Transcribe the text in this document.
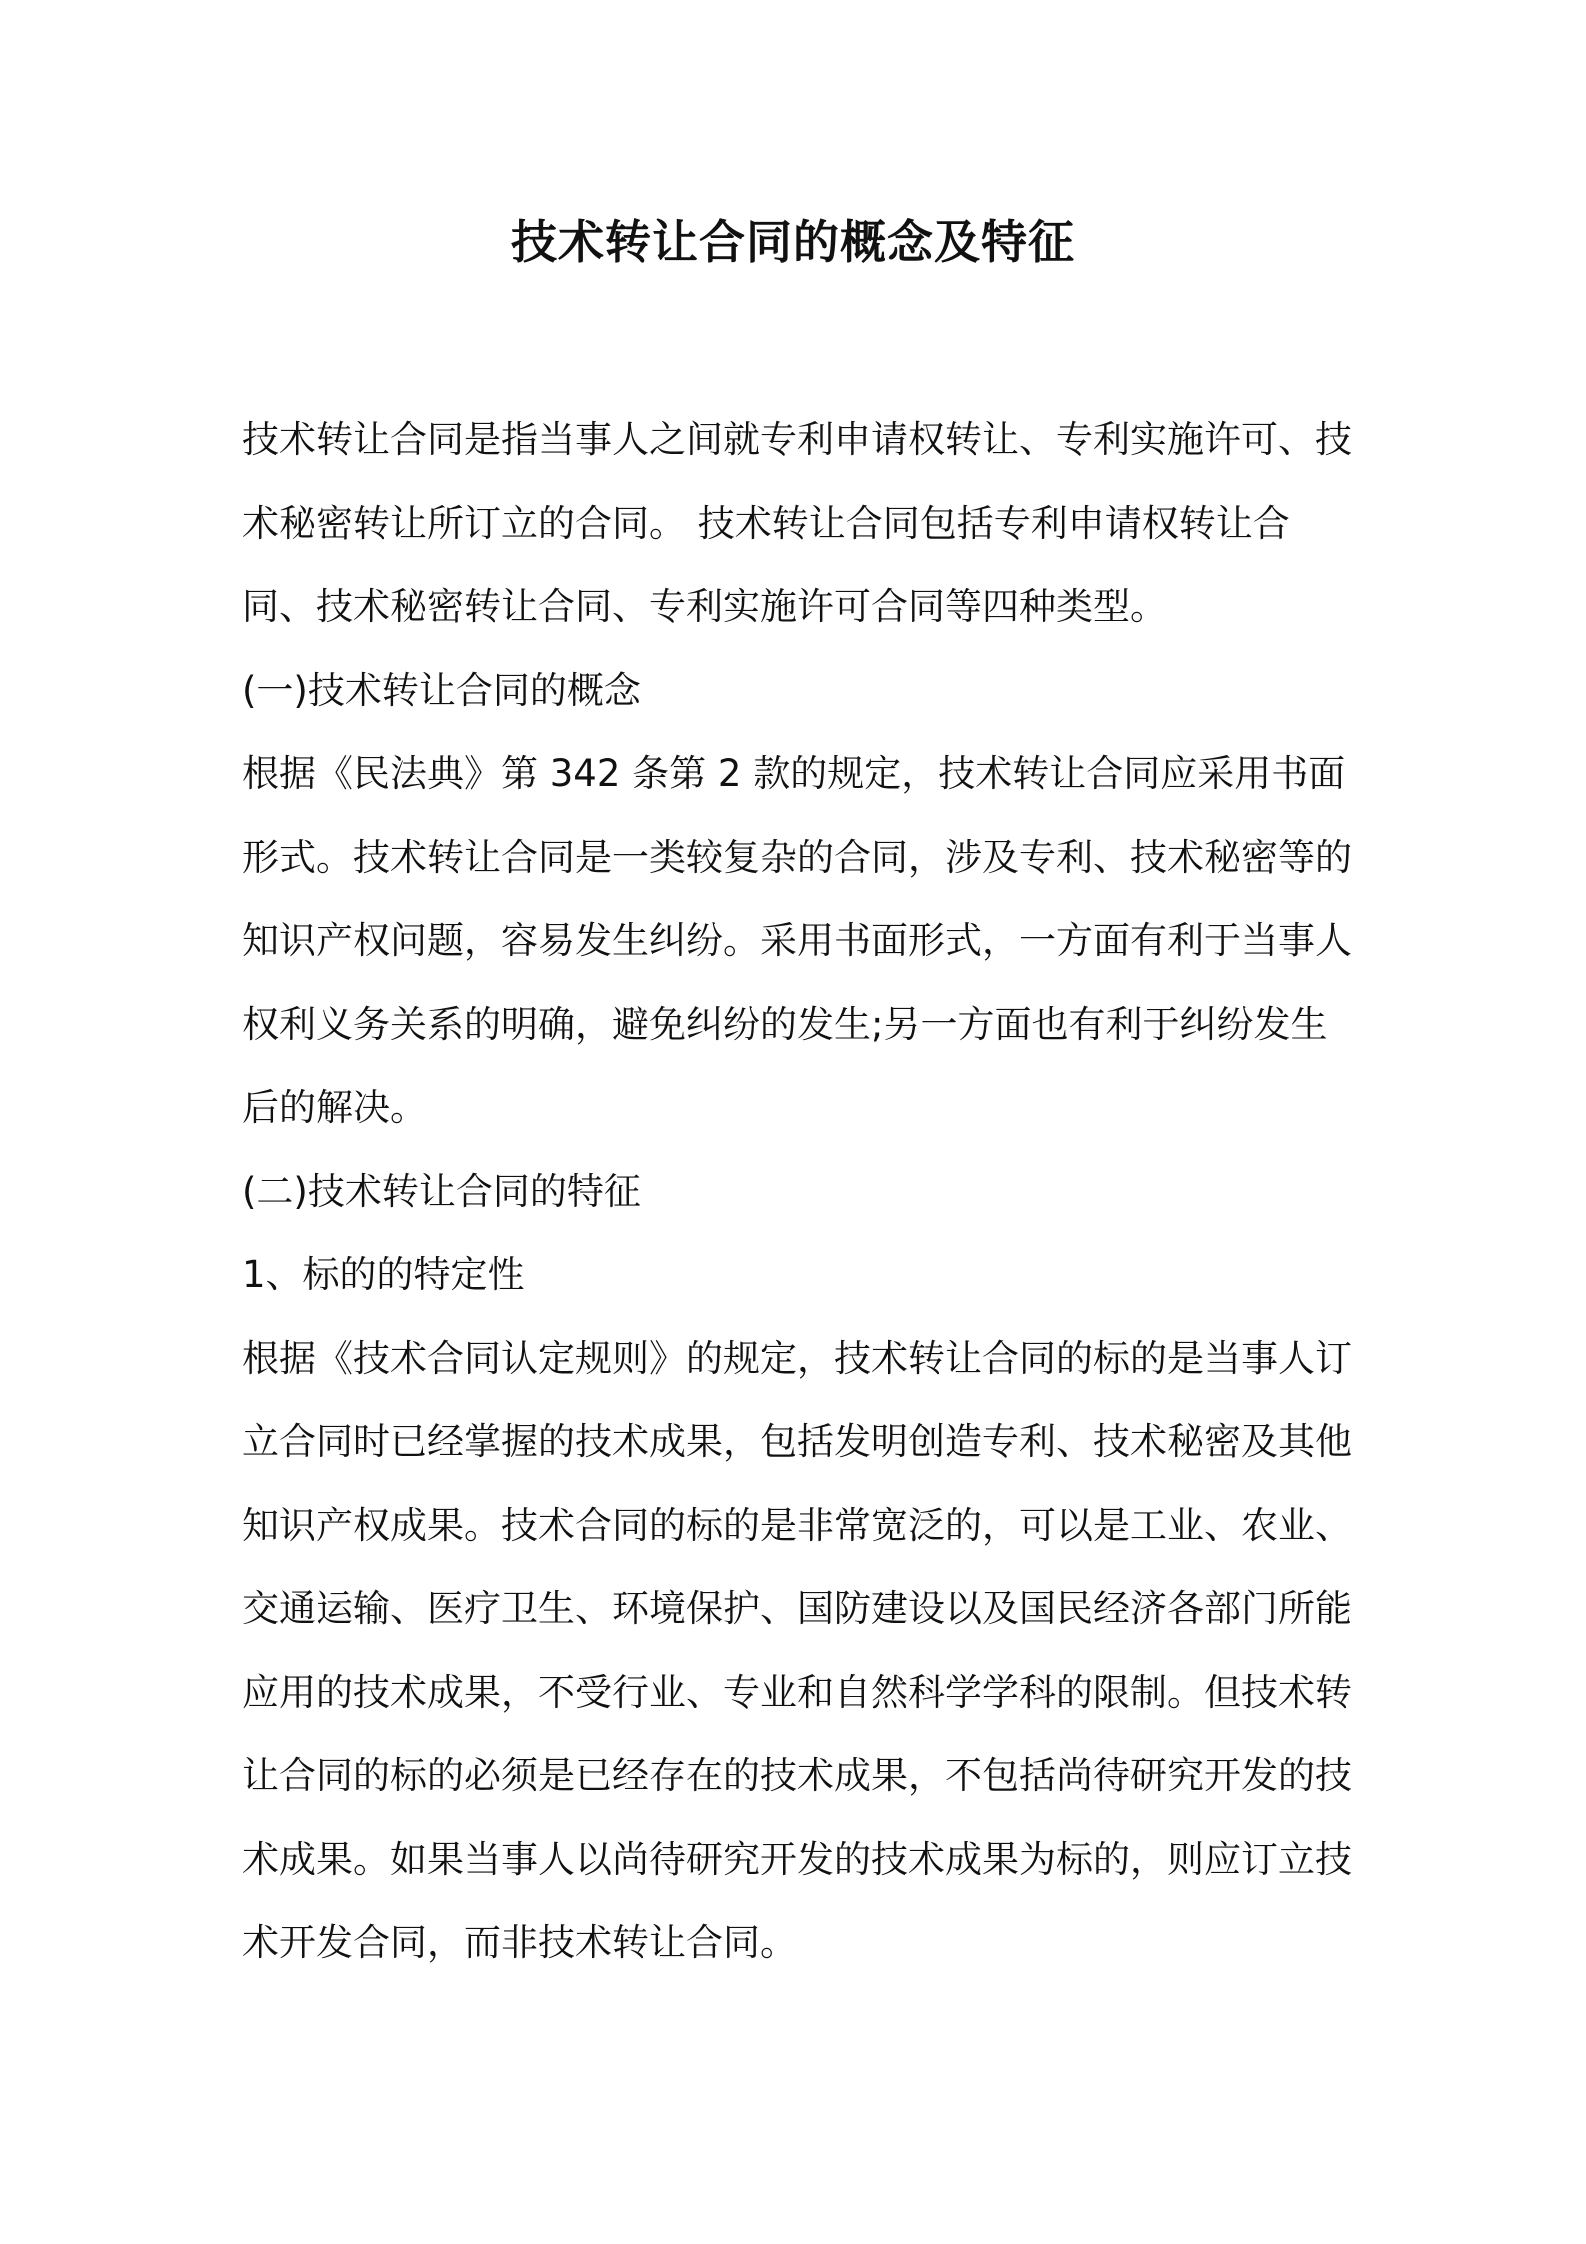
技术转让合同的概念及特征

技术转让合同是指当事人之间就专利申请权转让、专利实施许可、技术秘密转让所订立的合同。 技术转让合同包括专利申请权转让合同、技术秘密转让合同、专利实施许可合同等四种类型。

(一)技术转让合同的概念

根据《民法典》第 342 条第 2 款的规定，技术转让合同应采用书面形式。技术转让合同是一类较复杂的合同，涉及专利、技术秘密等的知识产权问题，容易发生纠纷。采用书面形式，一方面有利于当事人权利义务关系的明确，避免纠纷的发生;另一方面也有利于纠纷发生后的解决。

(二)技术转让合同的特征

1、标的的特定性

根据《技术合同认定规则》的规定，技术转让合同的标的是当事人订立合同时已经掌握的技术成果，包括发明创造专利、技术秘密及其他知识产权成果。技术合同的标的是非常宽泛的，可以是工业、农业、交通运输、医疗卫生、环境保护、国防建设以及国民经济各部门所能应用的技术成果，不受行业、专业和自然科学学科的限制。但技术转让合同的标的必须是已经存在的技术成果，不包括尚待研究开发的技术成果。如果当事人以尚待研究开发的技术成果为标的，则应订立技术开发合同，而非技术转让合同。
